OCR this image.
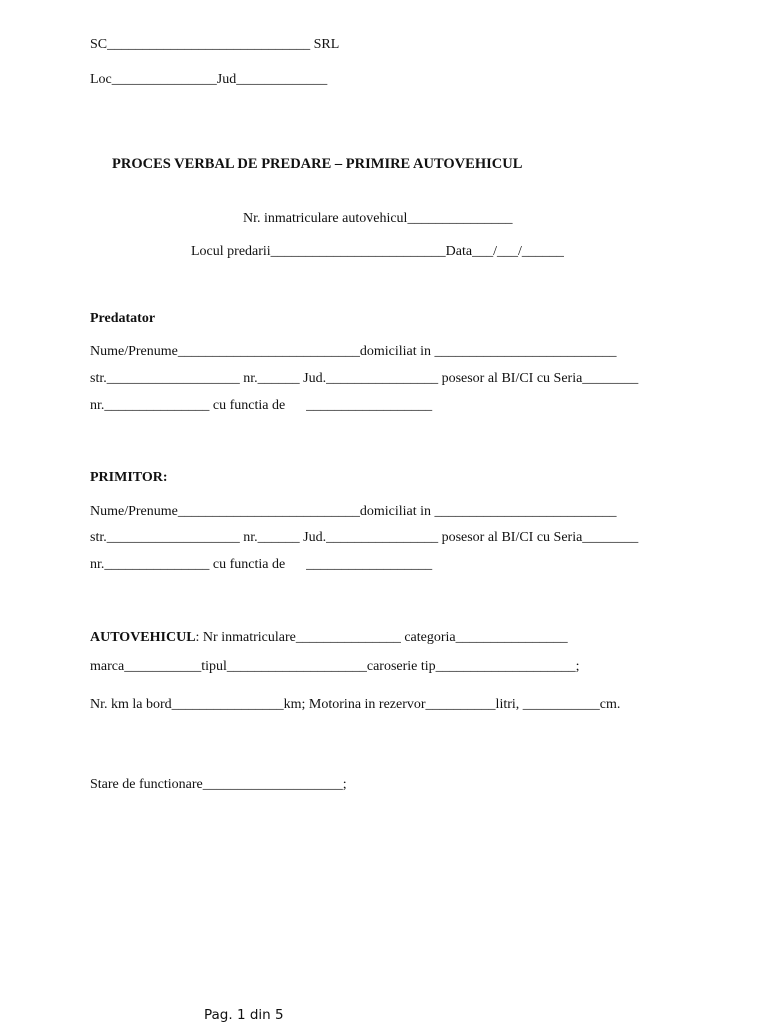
SC_____________________________ SRL
Loc_______________Jud_____________
PROCES VERBAL DE PREDARE – PRIMIRE AUTOVEHICUL
Nr. inmatriculare autovehicul_______________
Locul predarii_________________________Data___/___/______
Predatator
Nume/Prenume__________________________domiciliat in __________________________
str.___________________ nr.______ Jud.________________ posesor al BI/CI cu Seria________
nr._______________ cu functia de      __________________
PRIMITOR:
Nume/Prenume__________________________domiciliat in __________________________
str.___________________ nr.______ Jud.________________ posesor al BI/CI cu Seria________
nr._______________ cu functia de      __________________
AUTOVEHICUL: Nr inmatriculare_______________ categoria________________
marca___________tipul____________________caroserie tip____________________;
Nr. km la bord________________km; Motorina in rezervor__________litri, ___________cm.
Stare de functionare____________________;
Pag. 1 din 5
